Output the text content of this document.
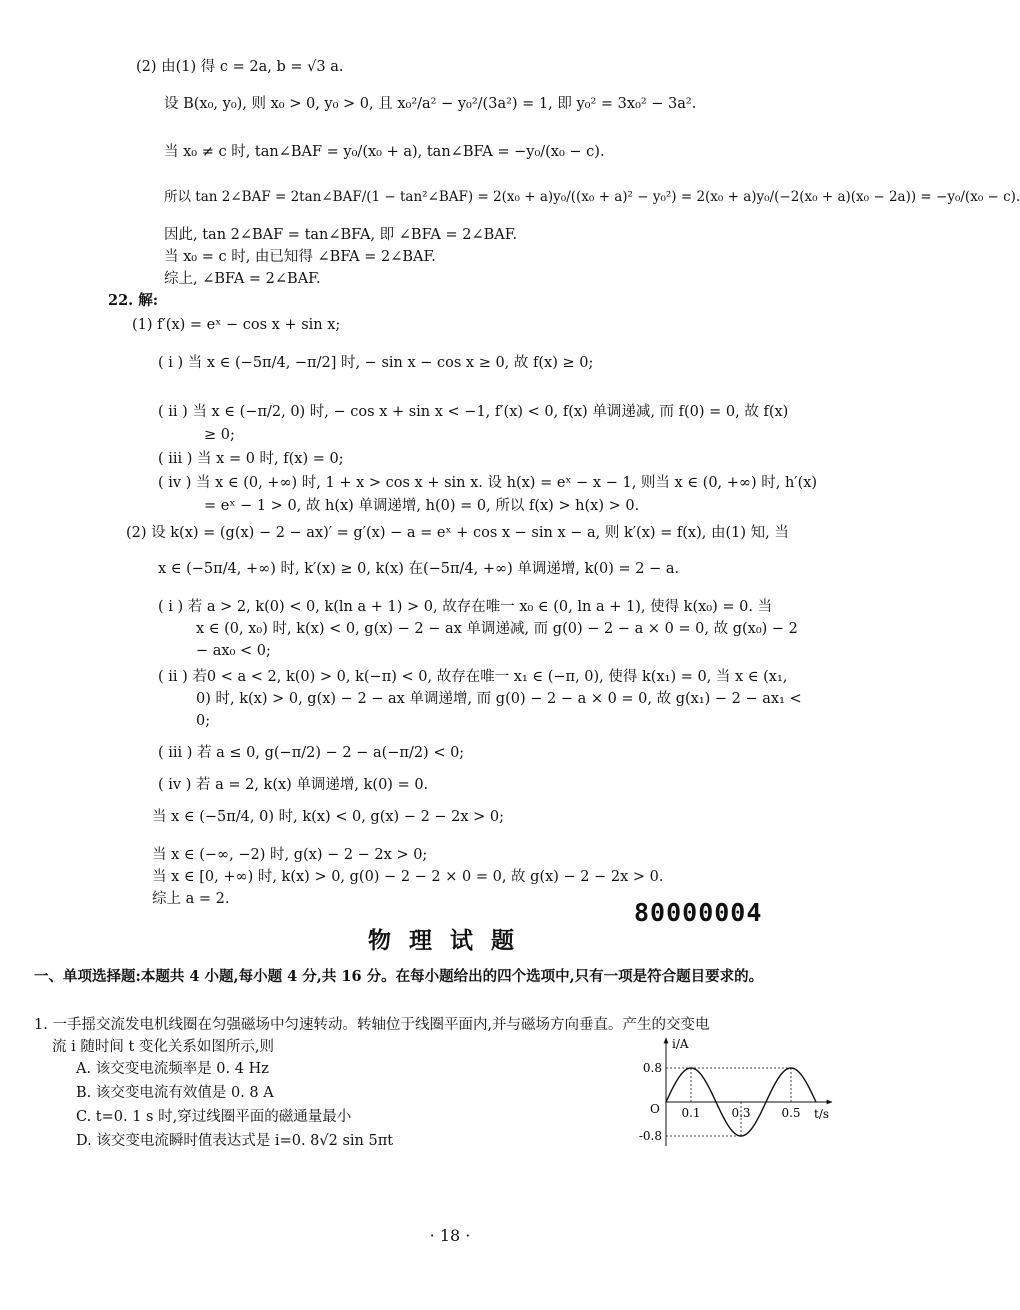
(2) 由(1) 得 c = 2a, b = √3 a.
设 B(x₀, y₀), 则 x₀ > 0, y₀ > 0, 且 x₀²/a² − y₀²/(3a²) = 1, 即 y₀² = 3x₀² − 3a².
当 x₀ ≠ c 时, tan∠BAF = y₀/(x₀ + a), tan∠BFA = −y₀/(x₀ − c).
所以 tan 2∠BAF = 2tan∠BAF/(1 − tan²∠BAF) = 2(x₀ + a)y₀/((x₀ + a)² − y₀²) = 2(x₀ + a)y₀/(−2(x₀ + a)(x₀ − 2a)) = −y₀/(x₀ − c).
因此, tan 2∠BAF = tan∠BFA, 即 ∠BFA = 2∠BAF.
当 x₀ = c 时, 由已知得 ∠BFA = 2∠BAF.
综上, ∠BFA = 2∠BAF.
22. 解:
(1) f′(x) = eˣ − cos x + sin x;
( i ) 当 x ∈ (−5π/4, −π/2] 时, − sin x − cos x ≥ 0, 故 f(x) ≥ 0;
( ii ) 当 x ∈ (−π/2, 0) 时, − cos x + sin x < −1, f′(x) < 0, f(x) 单调递减, 而 f(0) = 0, 故 f(x)
≥ 0;
( iii ) 当 x = 0 时, f(x) = 0;
( iv ) 当 x ∈ (0, +∞) 时, 1 + x > cos x + sin x. 设 h(x) = eˣ − x − 1, 则当 x ∈ (0, +∞) 时, h′(x)
= eˣ − 1 > 0, 故 h(x) 单调递增, h(0) = 0, 所以 f(x) > h(x) > 0.
(2) 设 k(x) = (g(x) − 2 − ax)′ = g′(x) − a = eˣ + cos x − sin x − a, 则 k′(x) = f(x), 由(1) 知, 当
x ∈ (−5π/4, +∞) 时, k′(x) ≥ 0, k(x) 在(−5π/4, +∞) 单调递增, k(0) = 2 − a.
( i ) 若 a > 2, k(0) < 0, k(ln a + 1) > 0, 故存在唯一 x₀ ∈ (0, ln a + 1), 使得 k(x₀) = 0. 当
x ∈ (0, x₀) 时, k(x) < 0, g(x) − 2 − ax 单调递减, 而 g(0) − 2 − a × 0 = 0, 故 g(x₀) − 2
− ax₀ < 0;
( ii ) 若0 < a < 2, k(0) > 0, k(−π) < 0, 故存在唯一 x₁ ∈ (−π, 0), 使得 k(x₁) = 0, 当 x ∈ (x₁,
0) 时, k(x) > 0, g(x) − 2 − ax 单调递增, 而 g(0) − 2 − a × 0 = 0, 故 g(x₁) − 2 − ax₁ <
0;
( iii ) 若 a ≤ 0, g(−π/2) − 2 − a(−π/2) < 0;
( iv ) 若 a = 2, k(x) 单调递增, k(0) = 0.
当 x ∈ (−5π/4, 0) 时, k(x) < 0, g(x) − 2 − 2x > 0;
当 x ∈ (−∞, −2) 时, g(x) − 2 − 2x > 0;
当 x ∈ [0, +∞) 时, k(x) > 0, g(0) − 2 − 2 × 0 = 0, 故 g(x) − 2 − 2x > 0.
综上 a = 2.	80000004
物理试题
一、单项选择题:本题共 4 小题,每小题 4 分,共 16 分。在每小题给出的四个选项中,只有一项是符合题目要求的。
1. 一手摇交流发电机线圈在匀强磁场中匀速转动。转轴位于线圈平面内,并与磁场方向垂直。产生的交变电
流 i 随时间 t 变化关系如图所示,则
A. 该交变电流频率是 0. 4 Hz
B. 该交变电流有效值是 0. 8 A
C. t=0. 1 s 时,穿过线圈平面的磁通量最小
D. 该交变电流瞬时值表达式是 i=0. 8√2 sin 5πt
i/A
t/s
O 0.1	0.3	0.5
0.8
-0.8
· 18 ·
